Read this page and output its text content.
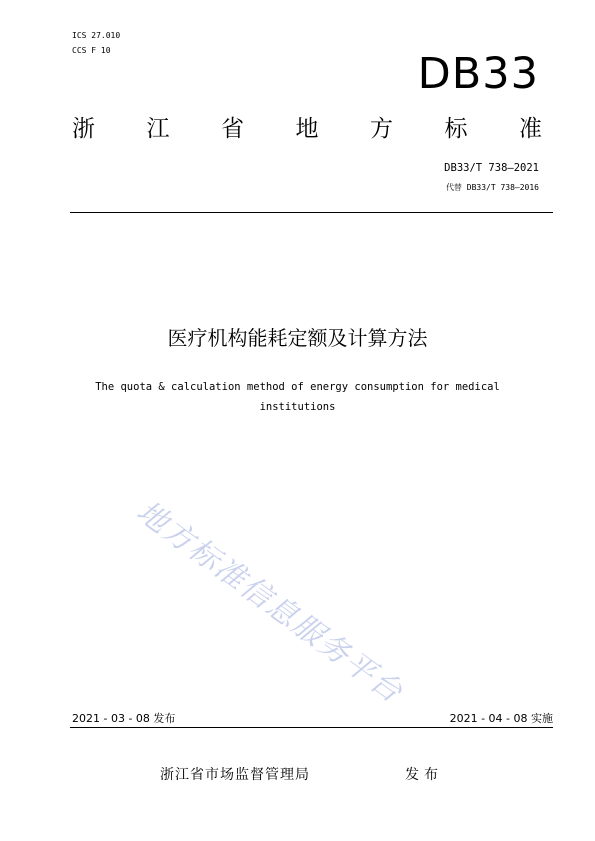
ICS 27.010
CCS F 10	DB33
浙 江 省 地 方 标 准
DB33/T 738—2021
代替 DB33/T 738—2016
医疗机构能耗定额及计算方法
The quota & calculation method of energy consumption for medical institutions
地方标准信息服务平台
2021 - 03 - 08 发布	2021 - 04 - 08 实施
浙江省市场监督管理局	发布
